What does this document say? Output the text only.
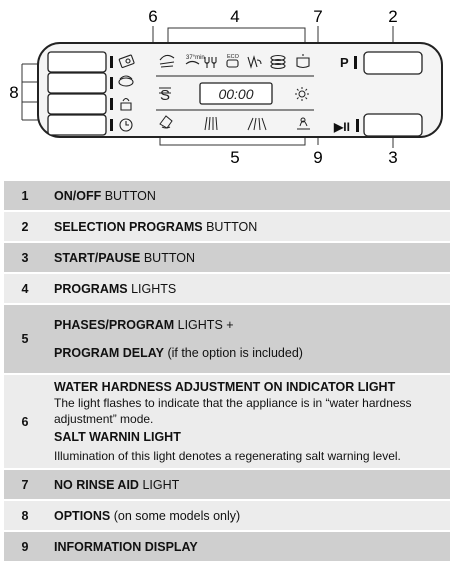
6	4	7	2
8
5	9	3
37°min	ECO
S	00:00
P
▶II
1	ON/OFF BUTTON

2	SELECTION PROGRAMS BUTTON

3	START/PAUSE BUTTON

4	PROGRAMS LIGHTS

5	PHASES/PROGRAM LIGHTS +
PROGRAM DELAY (if the option is included)

6	WATER HARDNESS ADJUSTMENT ON INDICATOR LIGHT
The light flashes to indicate that the appliance is in “water hardness adjustment” mode.
SALT WARNIN LIGHT
Illumination of this light denotes a regenerating salt warning level.

7	NO RINSE AID LIGHT

8	OPTIONS (on some models only)

9	INFORMATION DISPLAY
